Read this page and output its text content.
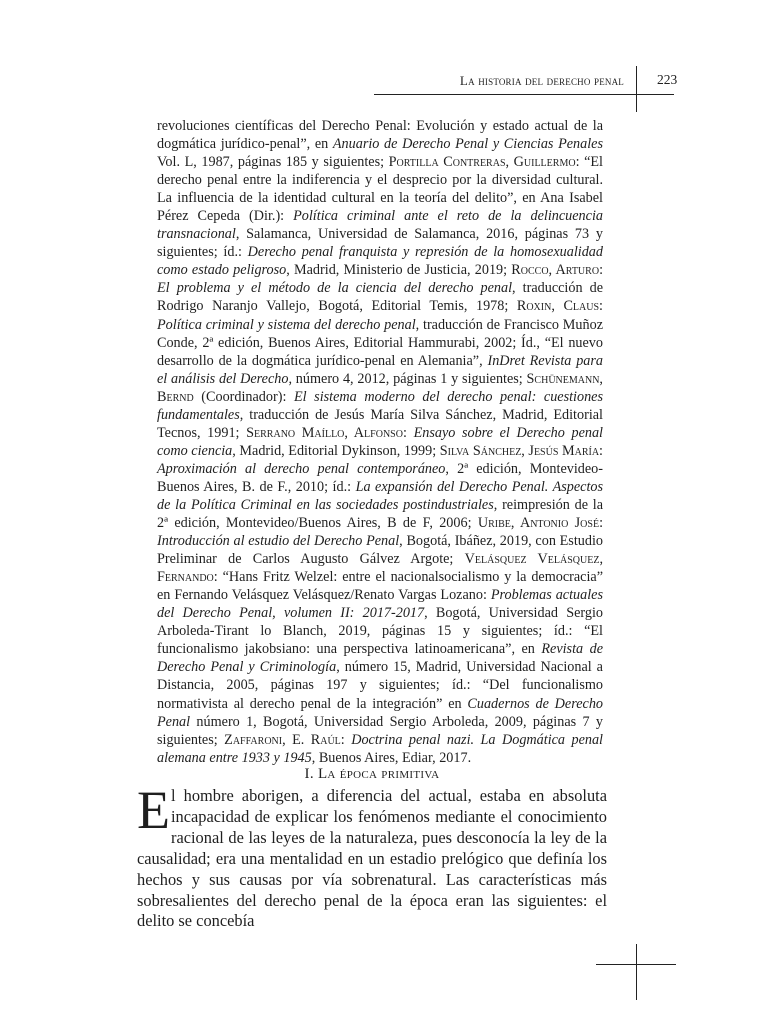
La historia del derecho penal 223
revoluciones científicas del Derecho Penal: Evolución y estado actual de la dogmática jurídico-penal”, en Anuario de Derecho Penal y Ciencias Penales Vol. L, 1987, páginas 185 y siguientes; Portilla Contreras, Guillermo: “El derecho penal entre la indiferencia y el desprecio por la diversidad cultural. La influencia de la identidad cultural en la teoría del delito”, en Ana Isabel Pérez Cepeda (Dir.): Política criminal ante el reto de la delincuencia transnacional, Salamanca, Universidad de Salamanca, 2016, páginas 73 y siguientes; íd.: Derecho penal franquista y represión de la homosexualidad como estado peligroso, Madrid, Ministerio de Justicia, 2019; Rocco, Arturo: El problema y el método de la ciencia del derecho penal, traducción de Rodrigo Naranjo Vallejo, Bogotá, Editorial Temis, 1978; Roxin, Claus: Política criminal y sistema del derecho penal, traducción de Francisco Muñoz Conde, 2ª edición, Buenos Aires, Editorial Hammurabi, 2002; Íd., “El nuevo desarrollo de la dogmática jurídico-penal en Alemania”, InDret Revista para el análisis del Derecho, número 4, 2012, páginas 1 y siguientes; Schünemann, Bernd (Coordinador): El sistema moderno del derecho penal: cuestiones fundamentales, traducción de Jesús María Silva Sánchez, Madrid, Editorial Tecnos, 1991; Serrano Maíllo, Alfonso: Ensayo sobre el Derecho penal como ciencia, Madrid, Editorial Dykinson, 1999; Silva Sánchez, Jesús María: Aproximación al derecho penal contemporáneo, 2ª edición, Montevideo-Buenos Aires, B. de F., 2010; íd.: La expansión del Derecho Penal. Aspectos de la Política Criminal en las sociedades postindustriales, reimpresión de la 2ª edición, Montevideo/Buenos Aires, B de F, 2006; Uribe, Antonio José: Introducción al estudio del Derecho Penal, Bogotá, Ibáñez, 2019, con Estudio Preliminar de Carlos Augusto Gálvez Argote; Velásquez Velásquez, Fernando: “Hans Fritz Welzel: entre el nacionalsocialismo y la democracia” en Fernando Velásquez Velásquez/Renato Vargas Lozano: Problemas actuales del Derecho Penal, volumen II: 2017-2017, Bogotá, Universidad Sergio Arboleda-Tirant lo Blanch, 2019, páginas 15 y siguientes; íd.: “El funcionalismo jakobsiano: una perspectiva latinoamericana”, en Revista de Derecho Penal y Criminología, número 15, Madrid, Universidad Nacional a Distancia, 2005, páginas 197 y siguientes; íd.: “Del funcionalismo normativista al derecho penal de la integración” en Cuadernos de Derecho Penal número 1, Bogotá, Universidad Sergio Arboleda, 2009, páginas 7 y siguientes; Zaffaroni, E. Raúl: Doctrina penal nazi. La Dogmática penal alemana entre 1933 y 1945, Buenos Aires, Ediar, 2017.
I. La época primitiva
El hombre aborigen, a diferencia del actual, estaba en absoluta incapacidad de explicar los fenómenos mediante el conocimiento racional de las leyes de la naturaleza, pues desconocía la ley de la causalidad; era una mentalidad en un estadio prelógico que definía los hechos y sus causas por vía sobrenatural. Las características más sobresalientes del derecho penal de la época eran las siguientes: el delito se concebía
